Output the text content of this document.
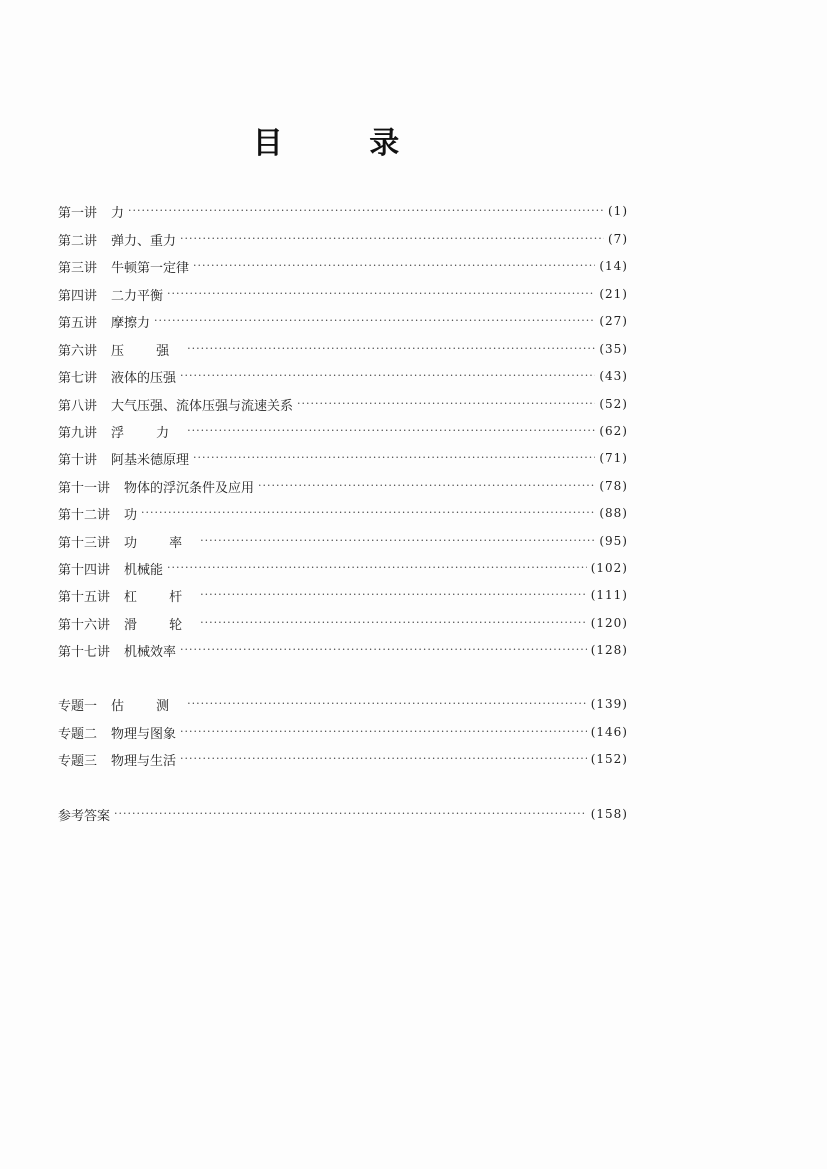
目 录
第一讲 力 ·····	(1)
第二讲 弹力、重力 ·····	(7)
第三讲 牛顿第一定律 ·····	(14)
第四讲 二力平衡 ·····	(21)
第五讲 摩擦力 ·····	(27)
第六讲 压 强 ·····	(35)
第七讲 液体的压强 ·····	(43)
第八讲 大气压强、流体压强与流速关系 ·····	(52)
第九讲 浮 力 ·····	(62)
第十讲 阿基米德原理 ·····	(71)
第十一讲 物体的浮沉条件及应用 ·····	(78)
第十二讲 功 ·····	(88)
第十三讲 功 率 ·····	(95)
第十四讲 机械能 ·····	(102)
第十五讲 杠 杆 ·····	(111)
第十六讲 滑 轮 ·····	(120)
第十七讲 机械效率 ·····	(128)
专题一 估 测 ·····	(139)
专题二 物理与图象 ·····	(146)
专题三 物理与生活 ·····	(152)
参考答案 ·····	(158)
